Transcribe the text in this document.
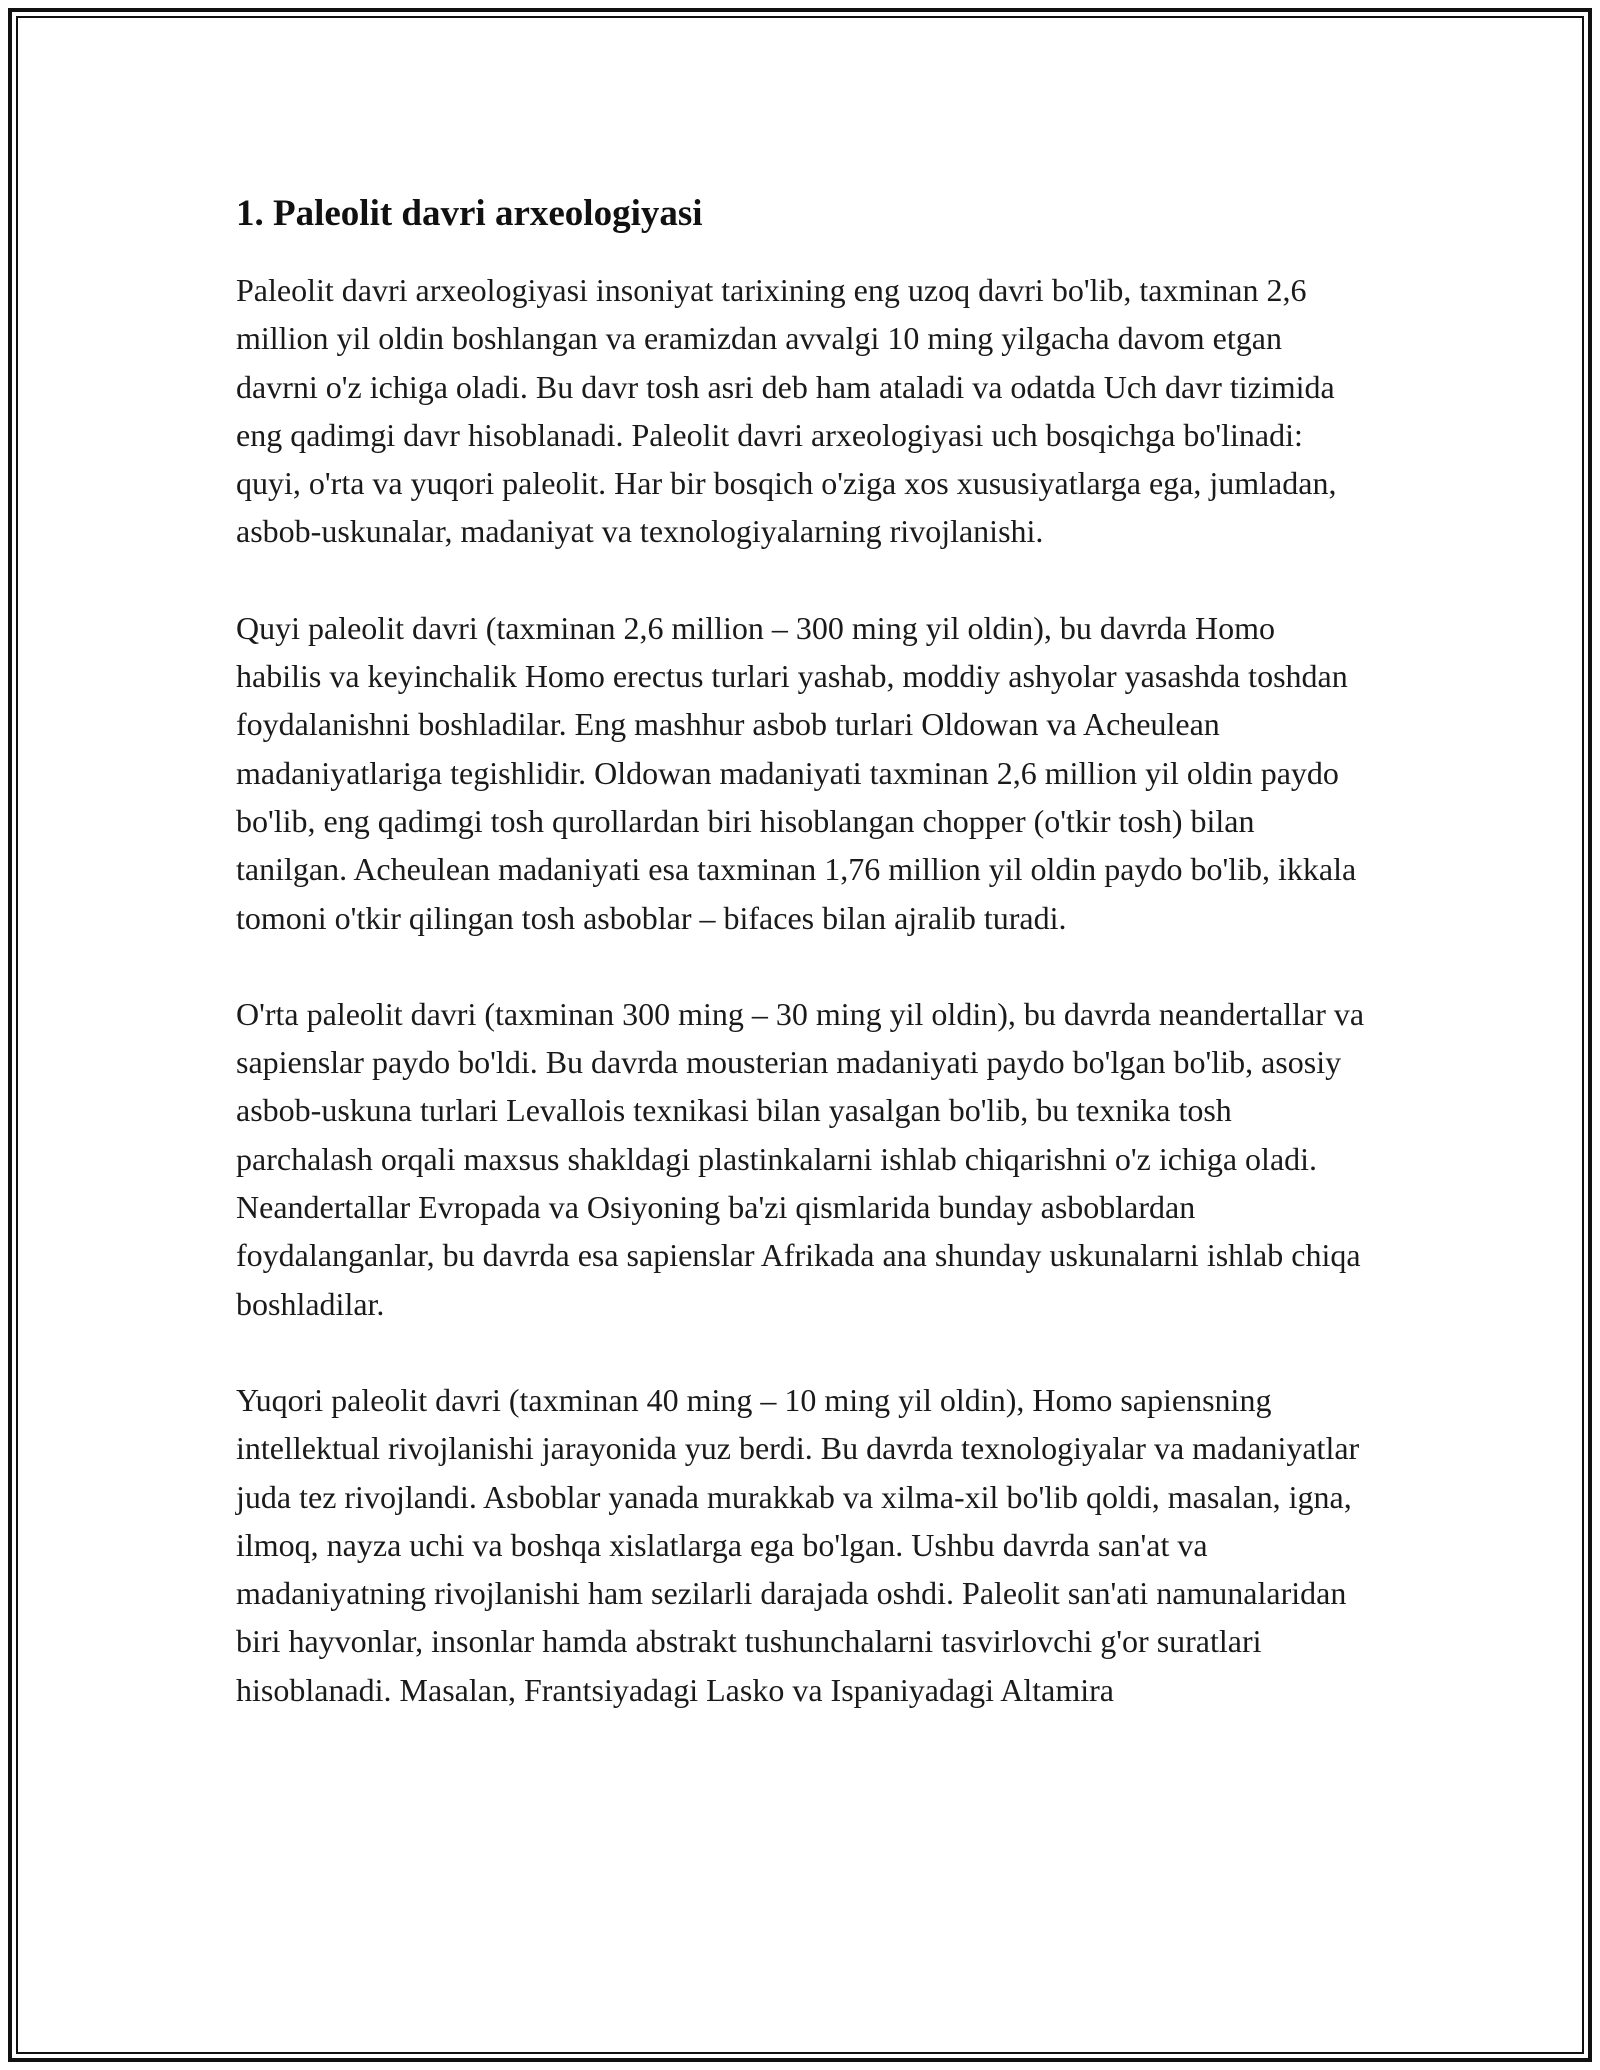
1. Paleolit davri arxeologiyasi

Paleolit davri arxeologiyasi insoniyat tarixining eng uzoq davri bo'lib, taxminan 2,6 million yil oldin boshlangan va eramizdan avvalgi 10 ming yilgacha davom etgan davrni o'z ichiga oladi. Bu davr tosh asri deb ham ataladi va odatda Uch davr tizimida eng qadimgi davr hisoblanadi. Paleolit davri arxeologiyasi uch bosqichga bo'linadi: quyi, o'rta va yuqori paleolit. Har bir bosqich o'ziga xos xususiyatlarga ega, jumladan, asbob-uskunalar, madaniyat va texnologiyalarning rivojlanishi.

Quyi paleolit davri (taxminan 2,6 million – 300 ming yil oldin), bu davrda Homo habilis va keyinchalik Homo erectus turlari yashab, moddiy ashyolar yasashda toshdan foydalanishni boshladilar. Eng mashhur asbob turlari Oldowan va Acheulean madaniyatlariga tegishlidir. Oldowan madaniyati taxminan 2,6 million yil oldin paydo bo'lib, eng qadimgi tosh qurollardan biri hisoblangan chopper (o'tkir tosh) bilan tanilgan. Acheulean madaniyati esa taxminan 1,76 million yil oldin paydo bo'lib, ikkala tomoni o'tkir qilingan tosh asboblar – bifaces bilan ajralib turadi.

O'rta paleolit davri (taxminan 300 ming – 30 ming yil oldin), bu davrda neandertallar va sapienslar paydo bo'ldi. Bu davrda mousterian madaniyati paydo bo'lgan bo'lib, asosiy asbob-uskuna turlari Levallois texnikasi bilan yasalgan bo'lib, bu texnika tosh parchalash orqali maxsus shakldagi plastinkalarni ishlab chiqarishni o'z ichiga oladi. Neandertallar Evropada va Osiyoning ba'zi qismlarida bunday asboblardan foydalanganlar, bu davrda esa sapienslar Afrikada ana shunday uskunalarni ishlab chiqa boshladilar.

Yuqori paleolit davri (taxminan 40 ming – 10 ming yil oldin), Homo sapiensning intellektual rivojlanishi jarayonida yuz berdi. Bu davrda texnologiyalar va madaniyatlar juda tez rivojlandi. Asboblar yanada murakkab va xilma-xil bo'lib qoldi, masalan, igna, ilmoq, nayza uchi va boshqa xislatlarga ega bo'lgan. Ushbu davrda san'at va madaniyatning rivojlanishi ham sezilarli darajada oshdi. Paleolit san'ati namunalaridan biri hayvonlar, insonlar hamda abstrakt tushunchalarni tasvirlovchi g'or suratlari hisoblanadi. Masalan, Frantsiyadagi Lasko va Ispaniyadagi Altamira
